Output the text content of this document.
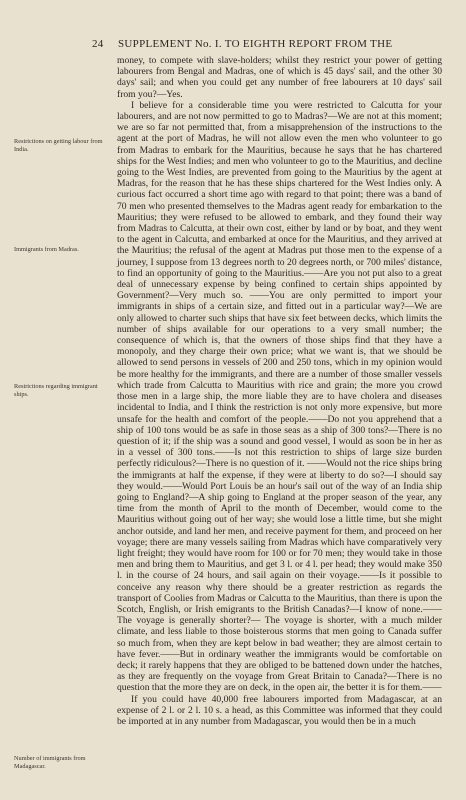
24 SUPPLEMENT No. I. TO EIGHTH REPORT FROM THE
Restrictions on getting labour from India.
Immigrants from Madras.
Restrictions regarding immigrant ships.
Number of immigrants from Madagascar.

money, to compete with slave-holders; whilst they restrict your power of getting labourers from Bengal and Madras, one of which is 45 days' sail, and the other 30 days' sail; and when you could get any number of free labourers at 10 days' sail from you?—Yes.

I believe for a considerable time you were restricted to Calcutta for your labourers, and are not now permitted to go to Madras?—We are not at this moment; we are so far not permitted that, from a misapprehension of the instructions to the agent at the port of Madras, he will not allow even the men who volunteer to go from Madras to embark for the Mauritius, because he says that he has chartered ships for the West Indies; and men who volunteer to go to the Mauritius, and decline going to the West Indies, are prevented from going to the Mauritius by the agent at Madras, for the reason that he has these ships chartered for the West Indies only. A curious fact occurred a short time ago with regard to that point; there was a band of 70 men who presented themselves to the Madras agent ready for embarkation to the Mauritius; they were refused to be allowed to embark, and they found their way from Madras to Calcutta, at their own cost, either by land or by boat, and they went to the agent in Calcutta, and embarked at once for the Mauritius, and they arrived at the Mauritius; the refusal of the agent at Madras put those men to the expense of a journey, I suppose from 13 degrees north to 20 degrees north, or 700 miles' distance, to find an opportunity of going to the Mauritius.——Are you not put also to a great deal of unnecessary expense by being confined to certain ships appointed by Government?—Very much so. ——You are only permitted to import your immigrants in ships of a certain size, and fitted out in a particular way?—We are only allowed to charter such ships that have six feet between decks, which limits the number of ships available for our operations to a very small number; the consequence of which is, that the owners of those ships find that they have a monopoly, and they charge their own price; what we want is, that we should be allowed to send persons in vessels of 200 and 250 tons, which in my opinion would be more healthy for the immigrants, and there are a number of those smaller vessels which trade from Calcutta to Mauritius with rice and grain; the more you crowd those men in a large ship, the more liable they are to have cholera and diseases incidental to India, and I think the restriction is not only more expensive, but more unsafe for the health and comfort of the people.——Do not you apprehend that a ship of 100 tons would be as safe in those seas as a ship of 300 tons?—There is no question of it; if the ship was a sound and good vessel, I would as soon be in her as in a vessel of 300 tons.——Is not this restriction to ships of large size burden perfectly ridiculous?—There is no question of it. ——Would not the rice ships bring the immigrants at half the expense, if they were at liberty to do so?—I should say they would.——Would Port Louis be an hour's sail out of the way of an India ship going to England?—A ship going to England at the proper season of the year, any time from the month of April to the month of December, would come to the Mauritius without going out of her way; she would lose a little time, but she might anchor outside, and land her men, and receive payment for them, and proceed on her voyage; there are many vessels sailing from Madras which have comparatively very light freight; they would have room for 100 or for 70 men; they would take in those men and bring them to Mauritius, and get 3 l. or 4 l. per head; they would make 350 l. in the course of 24 hours, and sail again on their voyage.——Is it possible to conceive any reason why there should be a greater restriction as regards the transport of Coolies from Madras or Calcutta to the Mauritius, than there is upon the Scotch, English, or Irish emigrants to the British Canadas?—I know of none.——The voyage is generally shorter?— The voyage is shorter, with a much milder climate, and less liable to those boisterous storms that men going to Canada suffer so much from, when they are kept below in bad weather; they are almost certain to have fever.——But in ordinary weather the immigrants would be comfortable on deck; it rarely happens that they are obliged to be battened down under the hatches, as they are frequently on the voyage from Great Britain to Canada?—There is no question that the more they are on deck, in the open air, the better it is for them.——

If you could have 40,000 free labourers imported from Madagascar, at an expense of 2 l. or 2 l. 10 s. a head, as this Committee was informed that they could be imported at in any number from Madagascar, you would then be in a much
